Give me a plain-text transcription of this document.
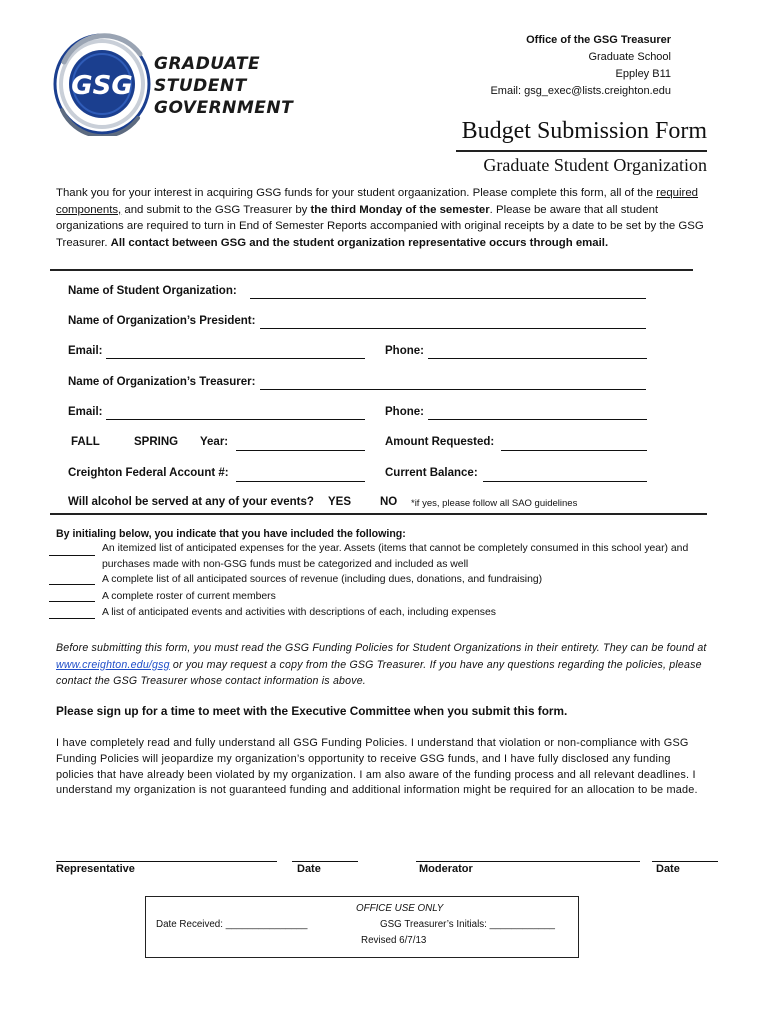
GSG
GRADUATE
STUDENT
GOVERNMENT
Office of the GSG Treasurer
Graduate School
Eppley B11
Email: gsg_exec@lists.creighton.edu
Budget Submission Form
Graduate Student Organization
Thank you for your interest in acquiring GSG funds for your student orgaanization. Please complete this form, all of the required components, and submit to the GSG Treasurer by the third Monday of the semester. Please be aware that all student organizations are required to turn in End of Semester Reports accompanied with original receipts by a date to be set by the GSG Treasurer. All contact between GSG and the student organization representative occurs through email.
Name of Student Organization:
Name of Organization’s President:
Email:	Phone:
Name of Organization’s Treasurer:
Email:	Phone:
FALL	SPRING Year:	Amount Requested:
Creighton Federal Account #:	Current Balance:
Will alcohol be served at any of your events? YES	NO *if yes, please follow all SAO guidelines
By initialing below, you indicate that you have included the following:
An itemized list of anticipated expenses for the year. Assets (items that cannot be completely consumed in this school year) and purchases made with non-GSG funds must be categorized and included as well
A complete list of all anticipated sources of revenue (including dues, donations, and fundraising)
A complete roster of current members
A list of anticipated events and activities with descriptions of each, including expenses
Before submitting this form, you must read the GSG Funding Policies for Student Organizations in their entirety. They can be found at www.creighton.edu/gsg or you may request a copy from the GSG Treasurer. If you have any questions regarding the policies, please contact the GSG Treasurer whose contact information is above.
Please sign up for a time to meet with the Executive Committee when you submit this form.
I have completely read and fully understand all GSG Funding Policies. I understand that violation or non-compliance with GSG Funding Policies will jeopardize my organization’s opportunity to receive GSG funds, and I have fully disclosed any funding policies that have already been violated by my organization. I am also aware of the funding process and all relevant deadlines. I understand my organization is not guaranteed funding and additional information might be required for an allocation to be made.
Representative	Date	Moderator	Date
OFFICE USE ONLY
Date Received: _______________	GSG Treasurer’s Initials: ____________
Revised 6/7/13
